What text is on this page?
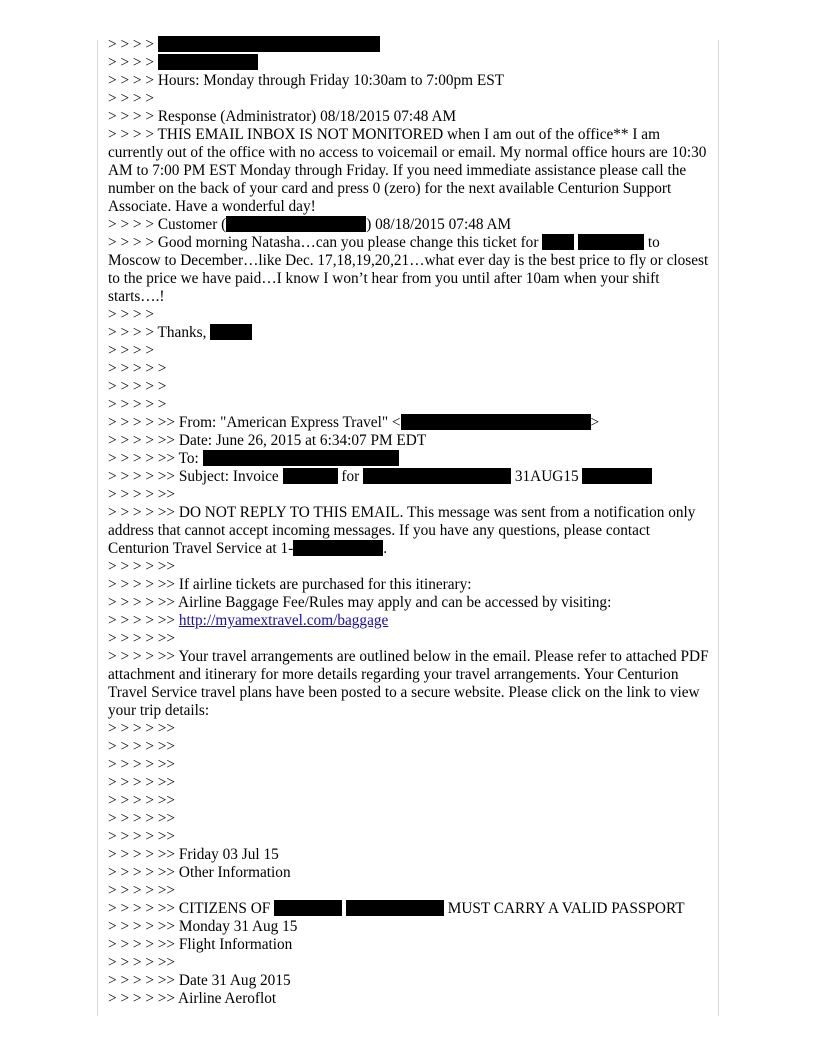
> > > >
> > > >
> > > > Hours: Monday through Friday 10:30am to 7:00pm EST
> > > >
> > > > Response (Administrator) 08/18/2015 07:48 AM
> > > > THIS EMAIL INBOX IS NOT MONITORED when I am out of the office** I am currently out of the office with no access to voicemail or email. My normal office hours are 10:30 AM to 7:00 PM EST Monday through Friday. If you need immediate assistance please call the number on the back of your card and press 0 (zero) for the next available Centurion Support Associate. Have a wonderful day!
> > > > Customer (	) 08/18/2015 07:48 AM
> > > > Good morning Natasha…can you please change this ticket for	to Moscow to December…like Dec. 17,18,19,20,21…what ever day is the best price to fly or closest to the price we have paid…I know I won’t hear from you until after 10am when your shift starts….!
> > > >
> > > > Thanks,
> > > >
> > > > >
> > > > >
> > > > >
> > > > >> From: "American Express Travel" <	>
> > > > >> Date: June 26, 2015 at 6:34:07 PM EDT
> > > > >> To:
> > > > >> Subject: Invoice	for	31AUG15
> > > > >>
> > > > >> DO NOT REPLY TO THIS EMAIL. This message was sent from a notification only address that cannot accept incoming messages. If you have any questions, please contact Centurion Travel Service at 1-	.
> > > > >>
> > > > >> If airline tickets are purchased for this itinerary:
> > > > >> Airline Baggage Fee/Rules may apply and can be accessed by visiting:
> > > > >> http://myamextravel.com/baggage
> > > > >>
> > > > >> Your travel arrangements are outlined below in the email. Please refer to attached PDF attachment and itinerary for more details regarding your travel arrangements. Your Centurion Travel Service travel plans have been posted to a secure website. Please click on the link to view your trip details:
> > > > >>
> > > > >>
> > > > >>
> > > > >>
> > > > >>
> > > > >>
> > > > >>
> > > > >> Friday 03 Jul 15
> > > > >> Other Information
> > > > >>
> > > > >> CITIZENS OF	MUST CARRY A VALID PASSPORT
> > > > >> Monday 31 Aug 15
> > > > >> Flight Information
> > > > >>
> > > > >> Date 31 Aug 2015
> > > > >> Airline Aeroflot
